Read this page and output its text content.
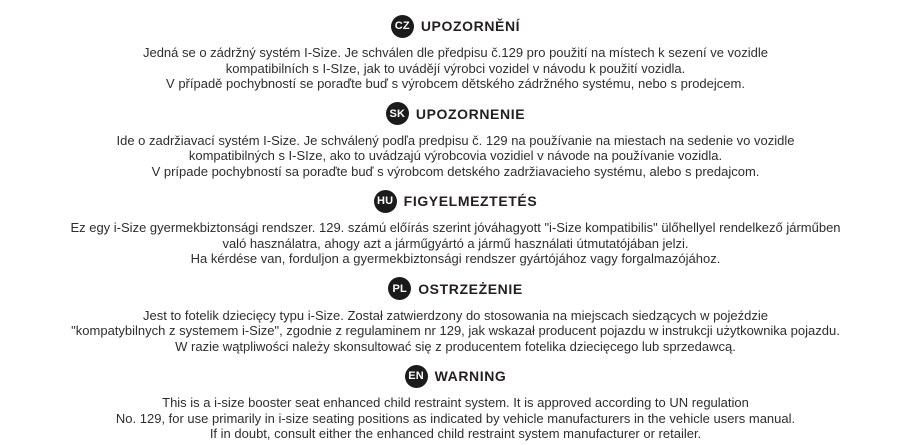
CZ UPOZORNĚNÍ

Jedná se o zádržný systém I-Size. Je schválen dle předpisu č.129 pro použití na místech k sezení ve vozidle
kompatibilních s I-SIze, jak to uvádějí výrobci vozidel v návodu k použití vozidla.
V případě pochybností se poraďte buď s výrobcem dětského zádržného systému, nebo s prodejcem.

SK UPOZORNENIE

Ide o zadržiavací systém I-Size. Je schválený podľa predpisu č. 129 na používanie na miestach na sedenie vo vozidle
kompatibilných s I-SIze, ako to uvádzajú výrobcovia vozidiel v návode na používanie vozidla.
V prípade pochybností sa poraďte buď s výrobcom detského zadržiavacieho systému, alebo s predajcom.

HU FIGYELMEZTETÉS

Ez egy i-Size gyermekbiztonsági rendszer. 129. számú előírás szerint jóváhagyott "i-Size kompatibilis" ülőhellyel rendelkező járműben
való használatra, ahogy azt a járműgyártó a jármű használati útmutatójában jelzi.
Ha kérdése van, forduljon a gyermekbiztonsági rendszer gyártójához vagy forgalmazójához.

PL OSTRZEŻENIE

Jest to fotelik dziecięcy typu i-Size. Został zatwierdzony do stosowania na miejscach siedzących w pojeździe
"kompatybilnych z systemem i-Size", zgodnie z regulaminem nr 129, jak wskazał producent pojazdu w instrukcji użytkownika pojazdu.
W razie wątpliwości należy skonsultować się z producentem fotelika dziecięcego lub sprzedawcą.

EN WARNING

This is a i-size booster seat enhanced child restraint system. It is approved according to UN regulation
No. 129, for use primarily in i-size seating positions as indicated by vehicle manufacturers in the vehicle users manual.
If in doubt, consult either the enhanced child restraint system manufacturer or retailer.
